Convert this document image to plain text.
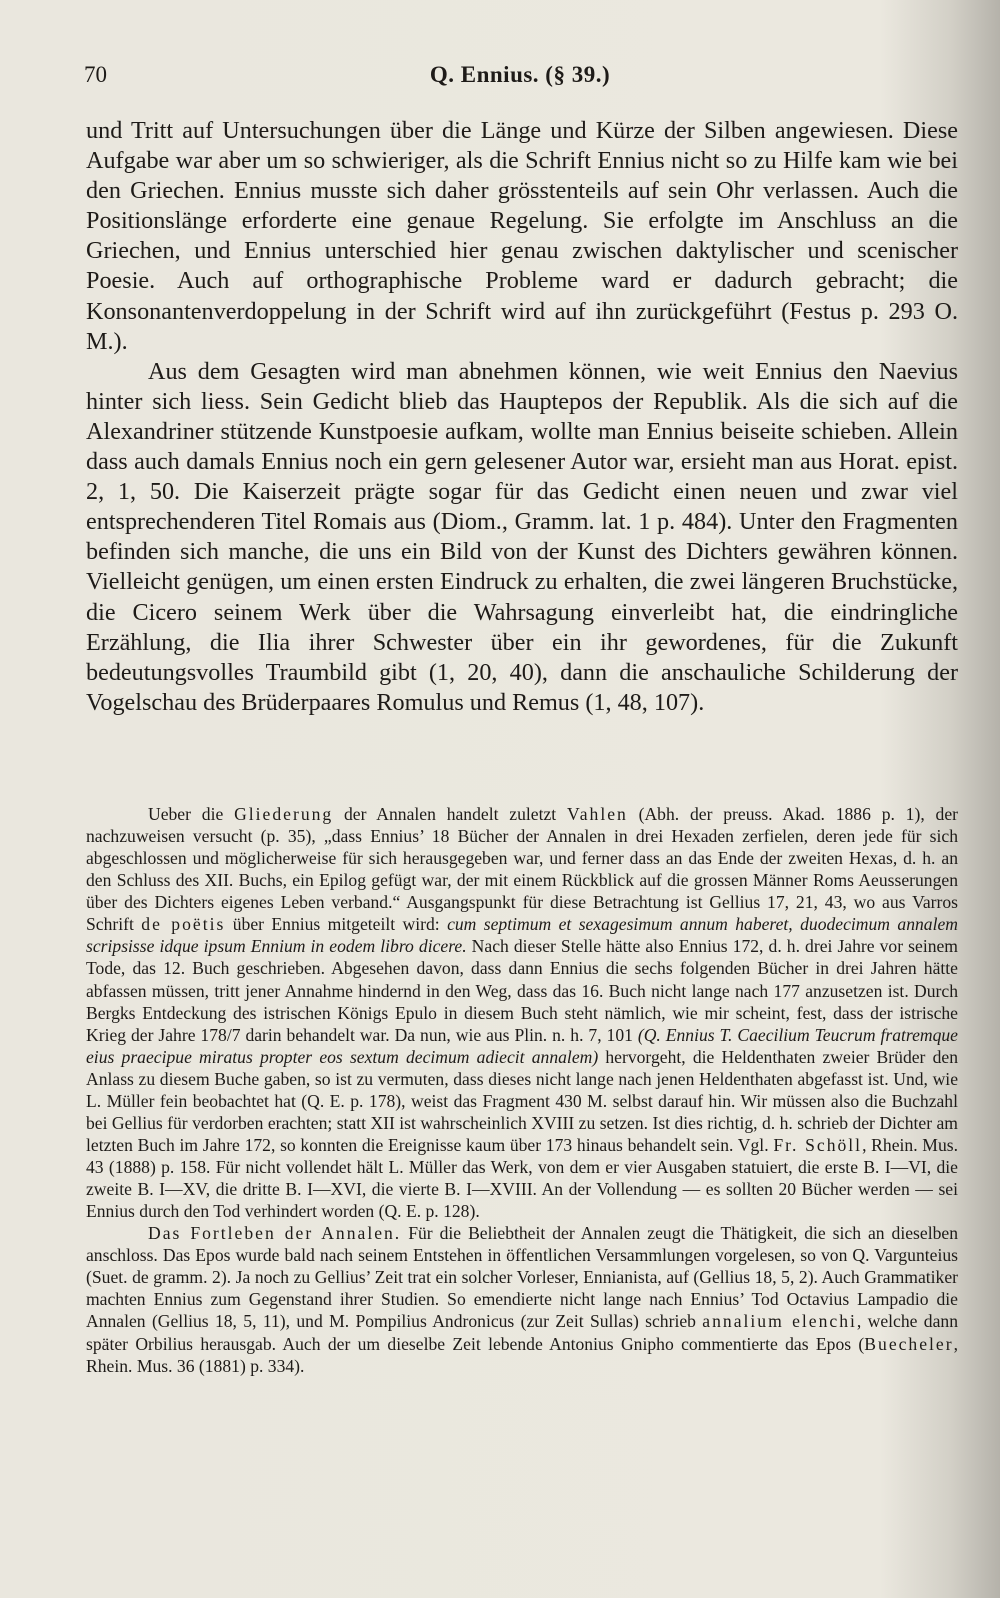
70	Q. Ennius. (§ 39.)

und Tritt auf Untersuchungen über die Länge und Kürze der Silben angewiesen. Diese Aufgabe war aber um so schwieriger, als die Schrift Ennius nicht so zu Hilfe kam wie bei den Griechen. Ennius musste sich daher grösstenteils auf sein Ohr verlassen. Auch die Positionslänge erforderte eine genaue Regelung. Sie erfolgte im Anschluss an die Griechen, und Ennius unterschied hier genau zwischen daktylischer und scenischer Poesie. Auch auf orthographische Probleme ward er dadurch gebracht; die Konsonantenverdoppelung in der Schrift wird auf ihn zurückgeführt (Festus p. 293 O. M.).

Aus dem Gesagten wird man abnehmen können, wie weit Ennius den Naevius hinter sich liess. Sein Gedicht blieb das Hauptepos der Republik. Als die sich auf die Alexandriner stützende Kunstpoesie aufkam, wollte man Ennius beiseite schieben. Allein dass auch damals Ennius noch ein gern gelesener Autor war, ersieht man aus Horat. epist. 2, 1, 50. Die Kaiserzeit prägte sogar für das Gedicht einen neuen und zwar viel entsprechenderen Titel Romais aus (Diom., Gramm. lat. 1 p. 484). Unter den Fragmenten befinden sich manche, die uns ein Bild von der Kunst des Dichters gewähren können. Vielleicht genügen, um einen ersten Eindruck zu erhalten, die zwei längeren Bruchstücke, die Cicero seinem Werk über die Wahrsagung einverleibt hat, die eindringliche Erzählung, die Ilia ihrer Schwester über ein ihr gewordenes, für die Zukunft bedeutungsvolles Traumbild gibt (1, 20, 40), dann die anschauliche Schilderung der Vogelschau des Brüderpaares Romulus und Remus (1, 48, 107).

Ueber die Gliederung der Annalen handelt zuletzt Vahlen (Abh. der preuss. Akad. 1886 p. 1), der nachzuweisen versucht (p. 35), „dass Ennius’ 18 Bücher der Annalen in drei Hexaden zerfielen, deren jede für sich abgeschlossen und möglicherweise für sich herausgegeben war, und ferner dass an das Ende der zweiten Hexas, d. h. an den Schluss des XII. Buchs, ein Epilog gefügt war, der mit einem Rückblick auf die grossen Männer Roms Aeusserungen über des Dichters eigenes Leben verband.“ Ausgangspunkt für diese Betrachtung ist Gellius 17, 21, 43, wo aus Varros Schrift de poëtis über Ennius mitgeteilt wird: cum septimum et sexagesimum annum haberet, duodecimum annalem scripsisse idque ipsum Ennium in eodem libro dicere. Nach dieser Stelle hätte also Ennius 172, d. h. drei Jahre vor seinem Tode, das 12. Buch geschrieben. Abgesehen davon, dass dann Ennius die sechs folgenden Bücher in drei Jahren hätte abfassen müssen, tritt jener Annahme hindernd in den Weg, dass das 16. Buch nicht lange nach 177 anzusetzen ist. Durch Bergks Entdeckung des istrischen Königs Epulo in diesem Buch steht nämlich, wie mir scheint, fest, dass der istrische Krieg der Jahre 178/7 darin behandelt war. Da nun, wie aus Plin. n. h. 7, 101 (Q. Ennius T. Caecilium Teucrum fratremque eius praecipue miratus propter eos sextum decimum adiecit annalem) hervorgeht, die Heldenthaten zweier Brüder den Anlass zu diesem Buche gaben, so ist zu vermuten, dass dieses nicht lange nach jenen Heldenthaten abgefasst ist. Und, wie L. Müller fein beobachtet hat (Q. E. p. 178), weist das Fragment 430 M. selbst darauf hin. Wir müssen also die Buchzahl bei Gellius für verdorben erachten; statt XII ist wahrscheinlich XVIII zu setzen. Ist dies richtig, d. h. schrieb der Dichter am letzten Buch im Jahre 172, so konnten die Ereignisse kaum über 173 hinaus behandelt sein. Vgl. Fr. Schöll, Rhein. Mus. 43 (1888) p. 158. Für nicht vollendet hält L. Müller das Werk, von dem er vier Ausgaben statuiert, die erste B. I—VI, die zweite B. I—XV, die dritte B. I—XVI, die vierte B. I—XVIII. An der Vollendung — es sollten 20 Bücher werden — sei Ennius durch den Tod verhindert worden (Q. E. p. 128).

Das Fortleben der Annalen. Für die Beliebtheit der Annalen zeugt die Thätigkeit, die sich an dieselben anschloss. Das Epos wurde bald nach seinem Entstehen in öffentlichen Versammlungen vorgelesen, so von Q. Vargunteius (Suet. de gramm. 2). Ja noch zu Gellius’ Zeit trat ein solcher Vorleser, Ennianista, auf (Gellius 18, 5, 2). Auch Grammatiker machten Ennius zum Gegenstand ihrer Studien. So emendierte nicht lange nach Ennius’ Tod Octavius Lampadio die Annalen (Gellius 18, 5, 11), und M. Pompilius Andronicus (zur Zeit Sullas) schrieb annalium elenchi, welche dann später Orbilius herausgab. Auch der um dieselbe Zeit lebende Antonius Gnipho commentierte das Epos (Buecheler, Rhein. Mus. 36 (1881) p. 334).
